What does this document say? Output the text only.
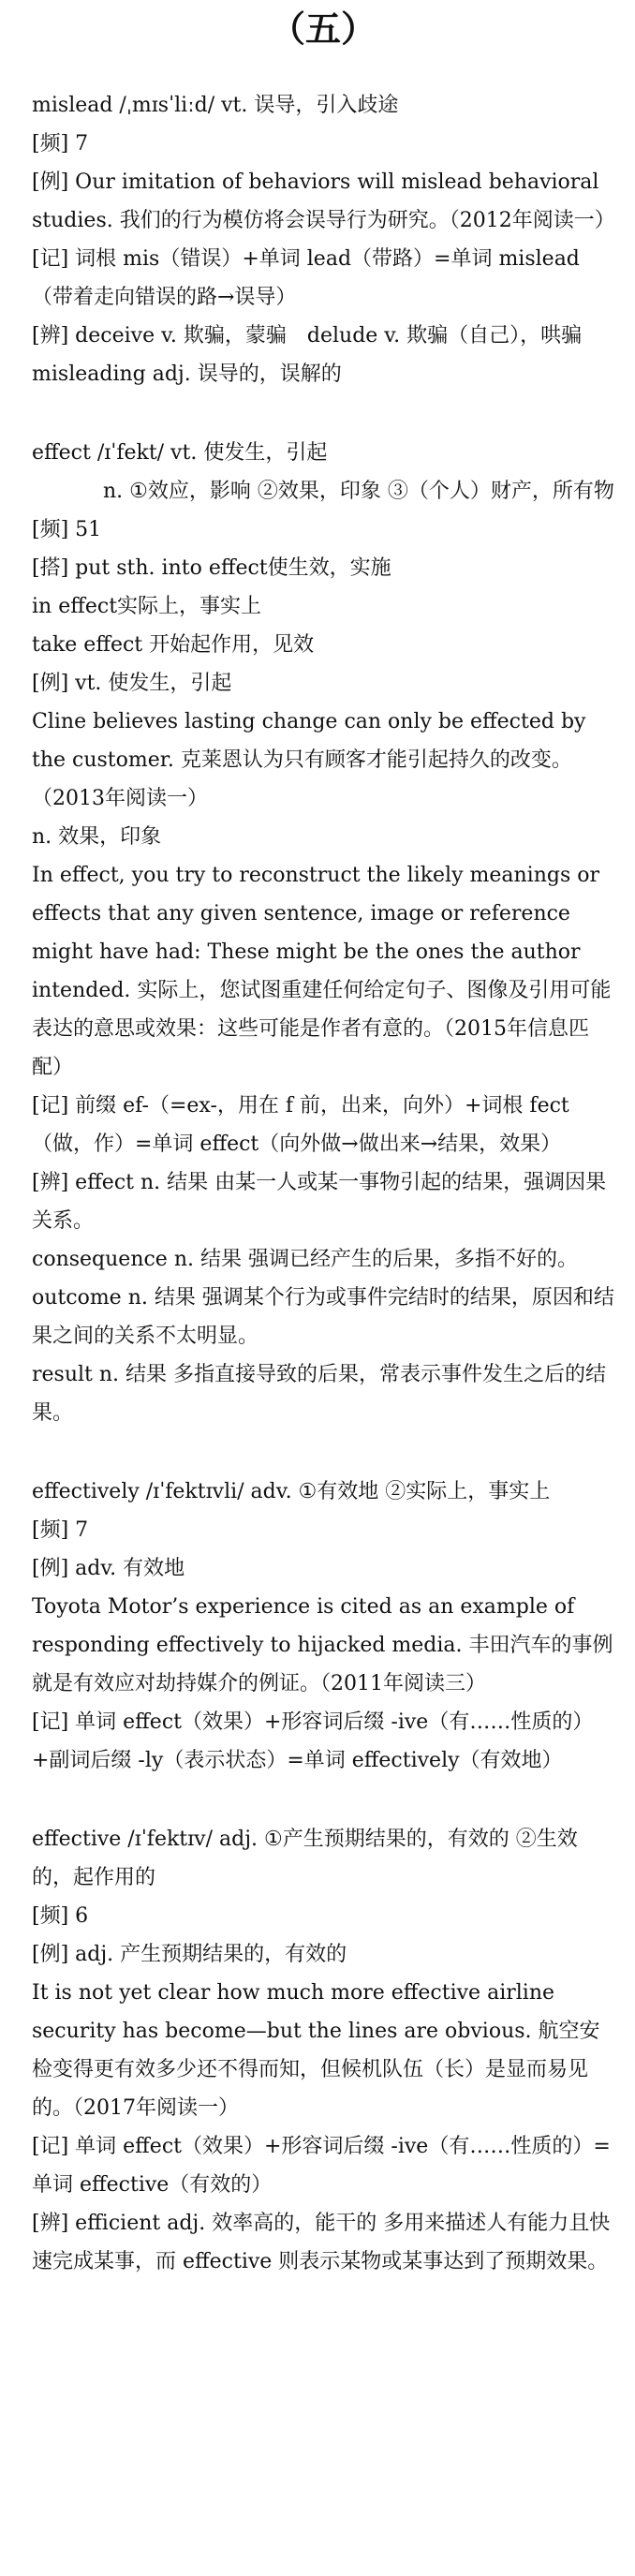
（五）

mislead /ˌmɪsˈliːd/ vt. 误导，引入歧途

[频] 7

[例] Our imitation of behaviors will mislead behavioral studies. 我们的行为模仿将会误导行为研究。（2012年阅读一）

[记] 词根 mis（错误）+单词 lead（带路）=单词 mislead（带着走向错误的路→误导）

[辨] deceive v. 欺骗，蒙骗　delude v. 欺骗（自己），哄骗

misleading adj. 误导的，误解的

effect /ɪˈfekt/ vt. 使发生，引起

n. ①效应，影响 ②效果，印象 ③（个人）财产，所有物

[频] 51

[搭] put sth. into effect使生效，实施

in effect实际上，事实上

take effect 开始起作用，见效

[例] vt. 使发生，引起

Cline believes lasting change can only be effected by the customer. 克莱恩认为只有顾客才能引起持久的改变。（2013年阅读一）

n. 效果，印象

In effect, you try to reconstruct the likely meanings or effects that any given sentence, image or reference might have had: These might be the ones the author intended. 实际上，您试图重建任何给定句子、图像及引用可能表达的意思或效果：这些可能是作者有意的。（2015年信息匹配）

[记] 前缀 ef-（=ex-，用在 f 前，出来，向外）+词根 fect（做，作）=单词 effect（向外做→做出来→结果，效果）

[辨] effect n. 结果 由某一人或某一事物引起的结果，强调因果关系。

consequence n. 结果 强调已经产生的后果，多指不好的。

outcome n. 结果 强调某个行为或事件完结时的结果，原因和结果之间的关系不太明显。

result n. 结果 多指直接导致的后果，常表示事件发生之后的结果。

effectively /ɪˈfektɪvli/ adv. ①有效地 ②实际上，事实上

[频] 7

[例] adv. 有效地

Toyota Motor’s experience is cited as an example of responding effectively to hijacked media. 丰田汽车的事例就是有效应对劫持媒介的例证。（2011年阅读三）

[记] 单词 effect（效果）+形容词后缀 -ive（有……性质的）+副词后缀 -ly（表示状态）=单词 effectively（有效地）

effective /ɪˈfektɪv/ adj. ①产生预期结果的，有效的 ②生效的，起作用的

[频] 6

[例] adj. 产生预期结果的，有效的

It is not yet clear how much more effective airline security has become—but the lines are obvious. 航空安检变得更有效多少还不得而知，但候机队伍（长）是显而易见的。（2017年阅读一）

[记] 单词 effect（效果）+形容词后缀 -ive（有……性质的）=单词 effective（有效的）

[辨] efficient adj. 效率高的，能干的 多用来描述人有能力且快速完成某事，而 effective 则表示某物或某事达到了预期效果。
